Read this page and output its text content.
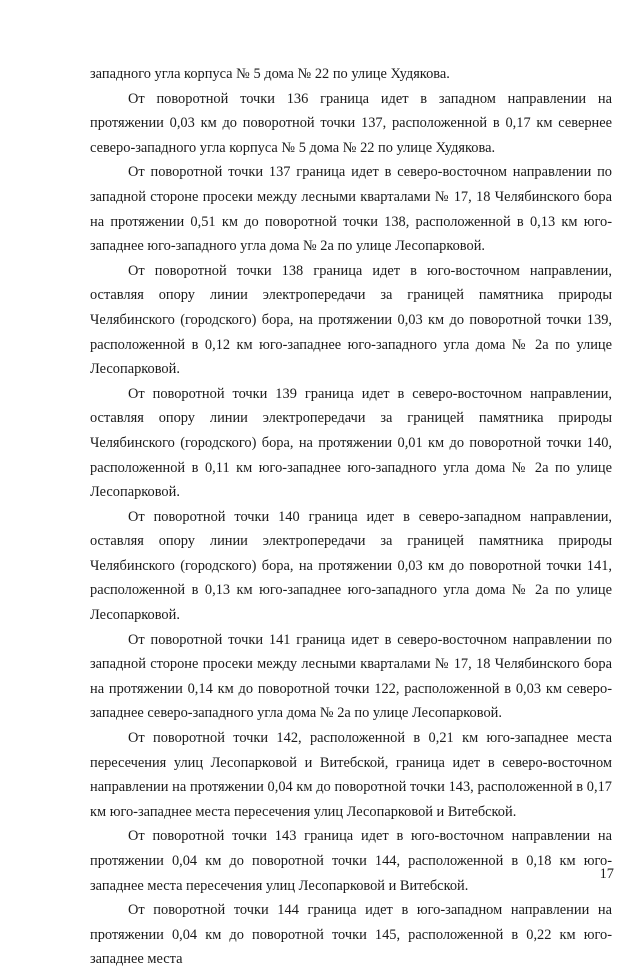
западного угла корпуса № 5 дома № 22 по улице Худякова.

От поворотной точки 136 граница идет в западном направлении на протяжении 0,03 км до поворотной точки 137, расположенной в 0,17 км севернее северо-западного угла корпуса № 5 дома № 22 по улице Худякова.

От поворотной точки 137 граница идет в северо-восточном направлении по западной стороне просеки между лесными кварталами № 17, 18 Челябинского бора на протяжении 0,51 км до поворотной точки 138, расположенной в 0,13 км юго-западнее юго-западного угла дома № 2а по улице Лесопарковой.

От поворотной точки 138 граница идет в юго-восточном направлении, оставляя опору линии электропередачи за границей памятника природы Челябинского (городского) бора, на протяжении 0,03 км до поворотной точки 139, расположенной в 0,12 км юго-западнее юго-западного угла дома № 2а по улице Лесопарковой.

От поворотной точки 139 граница идет в северо-восточном направлении, оставляя опору линии электропередачи за границей памятника природы Челябинского (городского) бора, на протяжении 0,01 км до поворотной точки 140, расположенной в 0,11 км юго-западнее юго-западного угла дома № 2а по улице Лесопарковой.

От поворотной точки 140 граница идет в северо-западном направлении, оставляя опору линии электропередачи за границей памятника природы Челябинского (городского) бора, на протяжении 0,03 км до поворотной точки 141, расположенной в 0,13 км юго-западнее юго-западного угла дома № 2а по улице Лесопарковой.

От поворотной точки 141 граница идет в северо-восточном направлении по западной стороне просеки между лесными кварталами № 17, 18 Челябинского бора на протяжении 0,14 км до поворотной точки 122, расположенной в 0,03 км северо-западнее северо-западного угла дома № 2а по улице Лесопарковой.

От поворотной точки 142, расположенной в 0,21 км юго-западнее места пересечения улиц Лесопарковой и Витебской, граница идет в северо-восточном направлении на протяжении 0,04 км до поворотной точки 143, расположенной в 0,17 км юго-западнее места пересечения улиц Лесопарковой и Витебской.

От поворотной точки 143 граница идет в юго-восточном направлении на протяжении 0,04 км до поворотной точки 144, расположенной в 0,18 км юго-западнее места пересечения улиц Лесопарковой и Витебской.

От поворотной точки 144 граница идет в юго-западном направлении на протяжении 0,04 км до поворотной точки 145, расположенной в 0,22 км юго-западнее места

17
